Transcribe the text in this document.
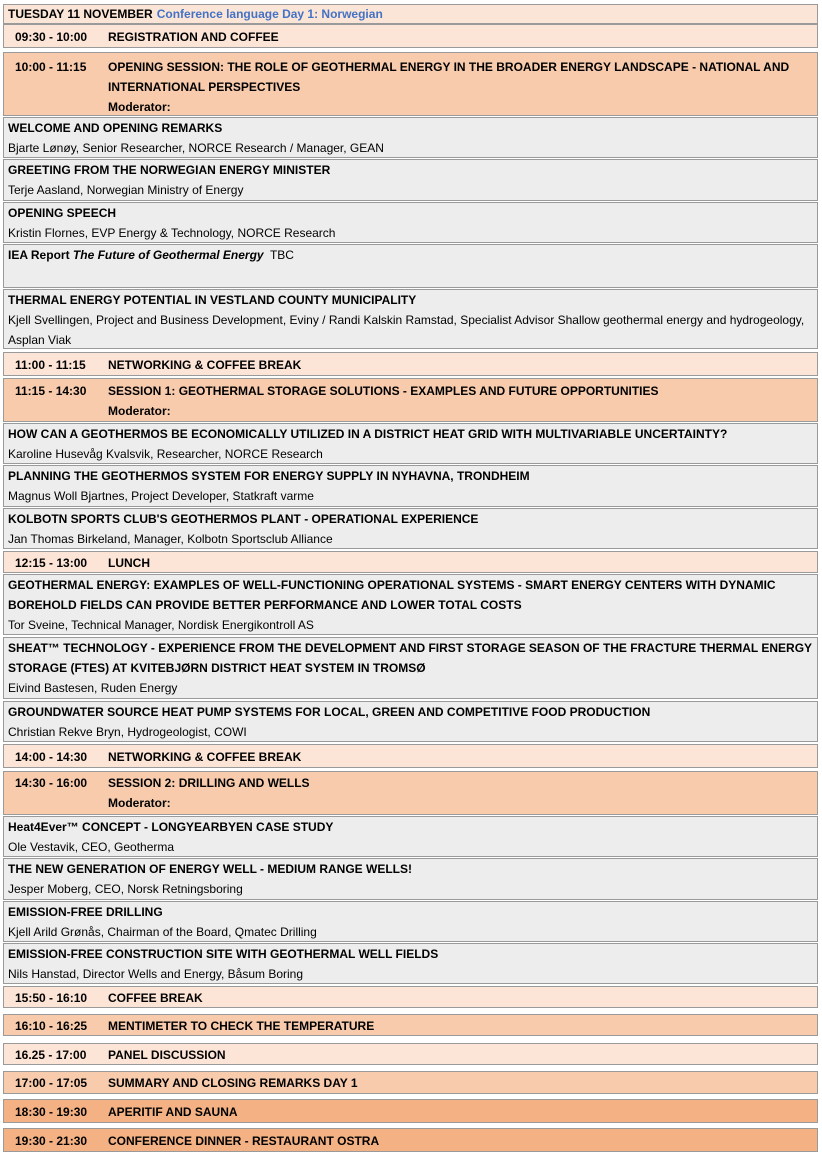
TUESDAY 11 NOVEMBER Conference language Day 1: Norwegian
09:30 - 10:00	REGISTRATION AND COFFEE
10:00 - 11:15	OPENING SESSION: THE ROLE OF GEOTHERMAL ENERGY IN THE BROADER ENERGY LANDSCAPE - NATIONAL AND INTERNATIONAL PERSPECTIVES
Moderator:
WELCOME AND OPENING REMARKS
Bjarte Lønøy, Senior Researcher, NORCE Research / Manager, GEAN
GREETING FROM THE NORWEGIAN ENERGY MINISTER
Terje Aasland, Norwegian Ministry of Energy
OPENING SPEECH
Kristin Flornes, EVP Energy & Technology, NORCE Research
IEA Report The Future of Geothermal Energy TBC
THERMAL ENERGY POTENTIAL IN VESTLAND COUNTY MUNICIPALITY
Kjell Svellingen, Project and Business Development, Eviny / Randi Kalskin Ramstad, Specialist Advisor Shallow geothermal energy and hydrogeology, Asplan Viak
11:00 - 11:15	NETWORKING & COFFEE BREAK
11:15 - 14:30	SESSION 1: GEOTHERMAL STORAGE SOLUTIONS - EXAMPLES AND FUTURE OPPORTUNITIES
Moderator:
HOW CAN A GEOTHERMOS BE ECONOMICALLY UTILIZED IN A DISTRICT HEAT GRID WITH MULTIVARIABLE UNCERTAINTY?
Karoline Husevåg Kvalsvik, Researcher, NORCE Research
PLANNING THE GEOTHERMOS SYSTEM FOR ENERGY SUPPLY IN NYHAVNA, TRONDHEIM
Magnus Woll Bjartnes, Project Developer, Statkraft varme
KOLBOTN SPORTS CLUB'S GEOTHERMOS PLANT - OPERATIONAL EXPERIENCE
Jan Thomas Birkeland, Manager, Kolbotn Sportsclub Alliance
12:15 - 13:00	LUNCH
GEOTHERMAL ENERGY: EXAMPLES OF WELL-FUNCTIONING OPERATIONAL SYSTEMS - SMART ENERGY CENTERS WITH DYNAMIC BOREHOLD FIELDS CAN PROVIDE BETTER PERFORMANCE AND LOWER TOTAL COSTS
Tor Sveine, Technical Manager, Nordisk Energikontroll AS
SHEAT™ TECHNOLOGY - EXPERIENCE FROM THE DEVELOPMENT AND FIRST STORAGE SEASON OF THE FRACTURE THERMAL ENERGY STORAGE (FTES) AT KVITEBJØRN DISTRICT HEAT SYSTEM IN TROMSØ
Eivind Bastesen, Ruden Energy
GROUNDWATER SOURCE HEAT PUMP SYSTEMS FOR LOCAL, GREEN AND COMPETITIVE FOOD PRODUCTION
Christian Rekve Bryn, Hydrogeologist, COWI
14:00 - 14:30	NETWORKING & COFFEE BREAK
14:30 - 16:00	SESSION 2: DRILLING AND WELLS
Moderator:
Heat4Ever™ CONCEPT - LONGYEARBYEN CASE STUDY
Ole Vestavik, CEO, Geotherma
THE NEW GENERATION OF ENERGY WELL - MEDIUM RANGE WELLS!
Jesper Moberg, CEO, Norsk Retningsboring
EMISSION-FREE DRILLING
Kjell Arild Grønås, Chairman of the Board, Qmatec Drilling
EMISSION-FREE CONSTRUCTION SITE WITH GEOTHERMAL WELL FIELDS
Nils Hanstad, Director Wells and Energy, Båsum Boring
15:50 - 16:10	COFFEE BREAK
16:10 - 16:25	MENTIMETER TO CHECK THE TEMPERATURE
16.25 - 17:00	PANEL DISCUSSION
17:00 - 17:05	SUMMARY AND CLOSING REMARKS DAY 1
18:30 - 19:30	APERITIF AND SAUNA
19:30 - 21:30	CONFERENCE DINNER - RESTAURANT OSTRA
